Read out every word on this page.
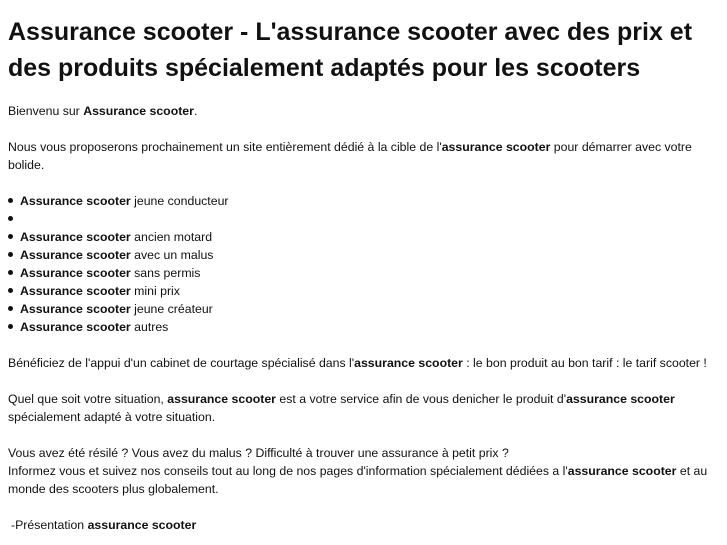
Assurance scooter - L'assurance scooter avec des prix et des produits spécialement adaptés pour les scooters

Bienvenu sur Assurance scooter.

Nous vous proposerons prochainement un site entièrement dédié à la cible de l'assurance scooter pour démarrer avec votre bolide.

Assurance scooter jeune conducteur
Assurance scooter ancien motard
Assurance scooter avec un malus
Assurance scooter sans permis
Assurance scooter mini prix
Assurance scooter jeune créateur
Assurance scooter autres

Bénéficiez de l'appui d'un cabinet de courtage spécialisé dans l'assurance scooter : le bon produit au bon tarif : le tarif scooter !

Quel que soit votre situation, assurance scooter est a votre service afin de vous denicher le produit d'assurance scooter spécialement adapté à votre situation.

Vous avez été résilé ? Vous avez du malus ? Difficulté à trouver une assurance à petit prix ?
Informez vous et suivez nos conseils tout au long de nos pages d'information spécialement dédiées a l'assurance scooter et au monde des scooters plus globalement.

-Présentation assurance scooter
